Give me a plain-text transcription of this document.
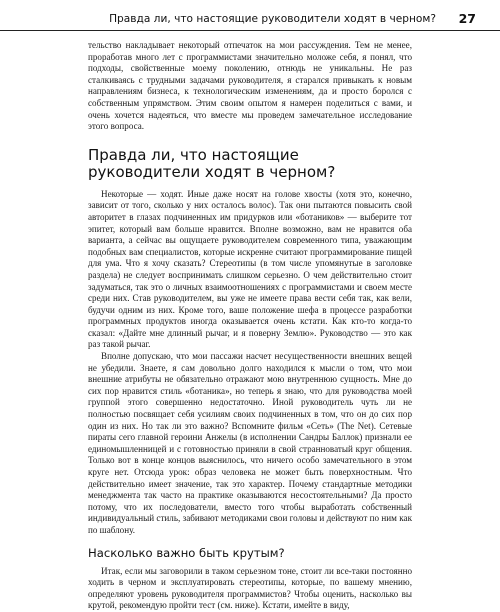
Правда ли, что настоящие руководители ходят в черном? 27

тельство накладывает некоторый отпечаток на мои рассуждения. Тем не менее, проработав много лет с программистами значительно моложе себя, я понял, что подходы, свойственные моему поколению, отнюдь не уникальны. Не раз сталкиваясь с трудными задачами руководителя, я старался привыкать к новым направлениям бизнеса, к технологическим изменениям, да и просто боролся с собственным упрямством. Этим своим опытом я намерен поделиться с вами, и очень хочется надеяться, что вместе мы проведем замечательное исследование этого вопроса.

Правда ли, что настоящие руководители ходят в черном?

Некоторые — ходят. Иные даже носят на голове хвосты (хотя это, конечно, зависит от того, сколько у них осталось волос). Так они пытаются повысить свой авторитет в глазах подчиненных им придурков или «ботаников» — выберите тот эпитет, который вам больше нравится. Вполне возможно, вам не нравится оба варианта, а сейчас вы ощущаете руководителем современного типа, уважающим подобных вам специалистов, которые искренне считают программирование пищей для ума. Что я хочу сказать? Стереотипы (в том числе упомянутые в заголовке раздела) не следует воспринимать слишком серьезно. О чем действительно стоит задуматься, так это о личных взаимоотношениях с программистами и своем месте среди них. Став руководителем, вы уже не имеете права вести себя так, как вели, будучи одним из них. Кроме того, ваше положение шефа в процессе разработки программных продуктов иногда оказывается очень кстати. Как кто-то когда-то сказал: «Дайте мне длинный рычаг, и я поверну Землю». Руководство — это как раз такой рычаг.

Вполне допускаю, что мои пассажи насчет несущественности внешних вещей не убедили. Знаете, я сам довольно долго находился к мысли о том, что мои внешние атрибуты не обязательно отражают мою внутреннюю сущность. Мне до сих пор нравится стиль «ботаника», но теперь я знаю, что для руководства моей группой этого совершенно недостаточно. Иной руководитель чуть ли не полностью посвящает себя усилиям своих подчиненных в том, что он до сих пор один из них. Но так ли это важно? Вспомните фильм «Сеть» (The Net). Сетевые пираты сего главной героини Анжелы (в исполнении Сандры Баллок) признали ее единомышленницей и с готовностью приняли в свой странноватый круг общения. Только вот в конце концов выяснилось, что ничего особо замечательного в этом круге нет. Отсюда урок: образ человека не может быть поверхностным. Что действительно имеет значение, так это характер. Почему стандартные методики менеджмента так часто на практике оказываются несостоятельными? Да просто потому, что их последователи, вместо того чтобы выработать собственный индивидуальный стиль, забивают методиками свои головы и действуют по ним как по шаблону.

Насколько важно быть крутым?

Итак, если мы заговорили в таком серьезном тоне, стоит ли все-таки постоянно ходить в черном и эксплуатировать стереотипы, которые, по вашему мнению, определяют уровень руководителя программистов? Чтобы оценить, насколько вы крутой, рекомендую пройти тест (см. ниже). Кстати, имейте в виду,
